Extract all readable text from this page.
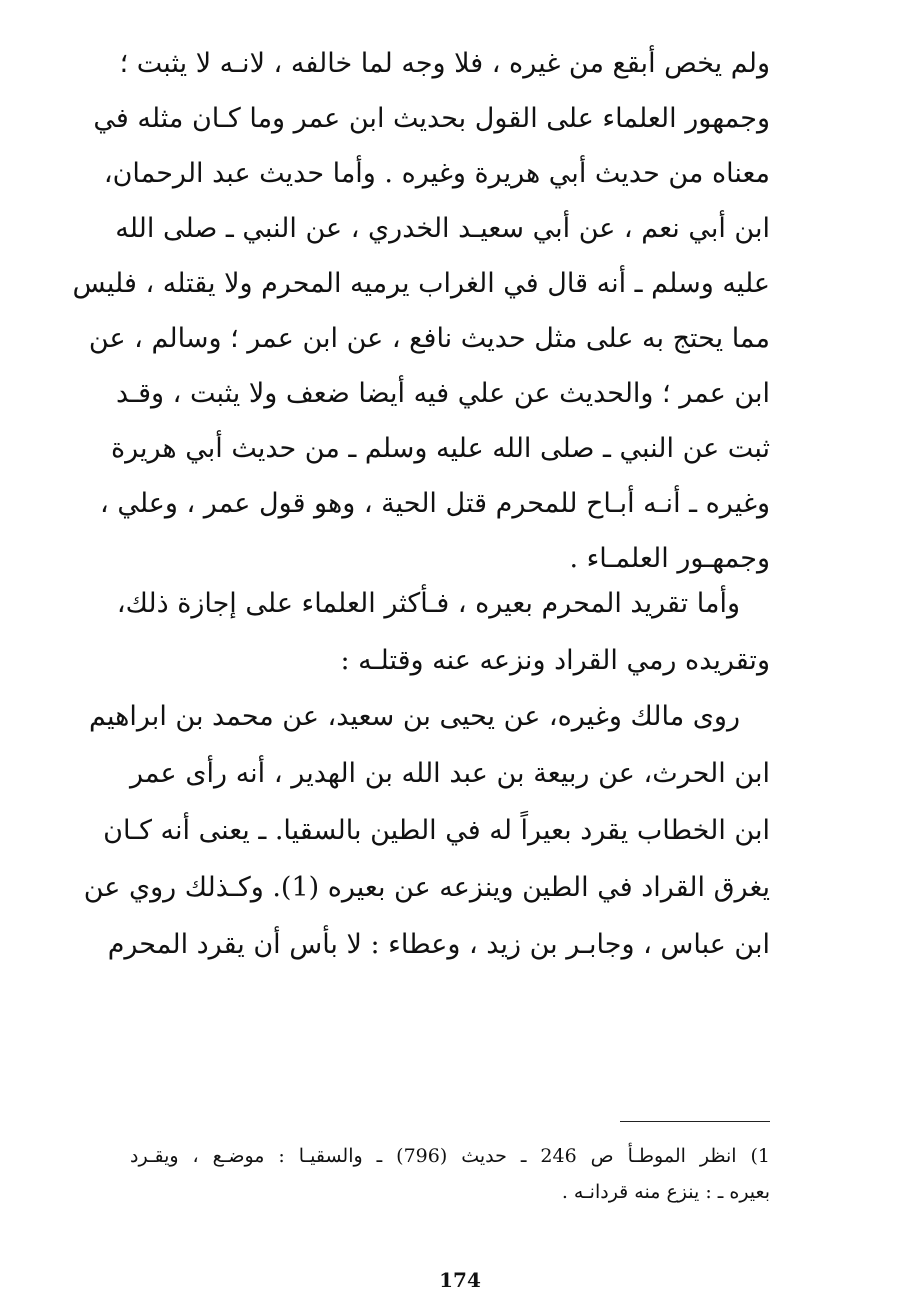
ولم يخص أبقع من غيره ، فلا وجه لما خالفه ، لانـه لا يثبت ؛
وجمهور العلماء على القول بحديث ابن عمر وما كـان مثله في
معناه من حديث أبي هريرة وغيره . وأما حديث عبد الرحمان،
ابن أبي نعم ، عن أبي سعيـد الخدري ، عن النبي ـ صلى الله
عليه وسلم ـ أنه قال في الغراب يرميه المحرم ولا يقتله ، فليس
مما يحتج به على مثل حديث نافع ، عن ابن عمر ؛ وسالم ، عن
ابن عمر ؛ والحديث عن علي فيه أيضا ضعف ولا يثبت ، وقـد
ثبت عن النبي ـ صلى الله عليه وسلم ـ من حديث أبي هريرة
وغيره ـ أنـه أبـاح للمحرم قتل الحية ، وهو قول عمر ، وعلي ،
وجمهـور العلمـاء .
وأما تقريد المحرم بعيره ، فـأكثر العلماء على إجازة ذلك،
وتقريده رمي القراد ونزعه عنه وقتلـه :
روى مالك وغيره، عن يحيى بن سعيد، عن محمد بن ابراهيم
ابن الحرث، عن ربيعة بن عبد الله بن الهدير ، أنه رأى عمر
ابن الخطاب يقرد بعيراً له في الطين بالسقيا. ـ يعنى أنه كـان
يغرق القراد في الطين وينزعه عن بعيره (1). وكـذلك روي عن
ابن عباس ، وجابـر بن زيد ، وعطاء : لا بأس أن يقرد المحرم
1) انظر الموطـأ ص 246 ـ حديث (796) ـ والسقيـا : موضـع ، ويقـرد
بعيره ـ : ينزع منه قردانـه .
174
